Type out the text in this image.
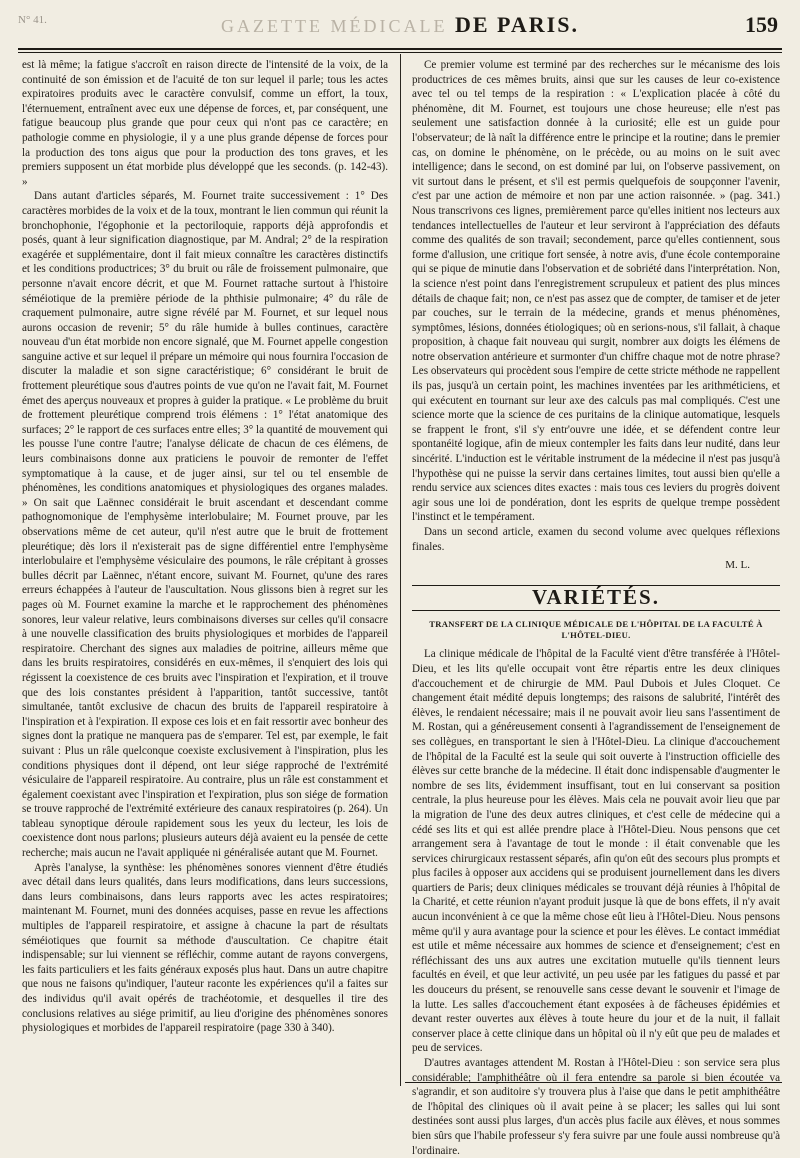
N° 41.	GAZETTE MÉDICALE DE PARIS.	159

est là même; la fatigue s'accroît en raison directe de l'intensité de la voix, de la continuité de son émission et de l'acuité de ton sur lequel il parle; tous les actes expiratoires produits avec le caractère convulsif, comme un effort, la toux, l'éternuement, entraînent avec eux une dépense de forces, et, par conséquent, une fatigue beaucoup plus grande que pour ceux qui n'ont pas ce caractère; en pathologie comme en physiologie, il y a une plus grande dépense de forces pour la production des tons aigus que pour la production des tons graves, et les premiers supposent un état morbide plus développé que les seconds. (p. 142-43). »

Dans autant d'articles séparés, M. Fournet traite successivement : 1° Des caractères morbides de la voix et de la toux, montrant le lien commun qui réunit la bronchophonie, l'égophonie et la pectoriloquie, rapports déjà approfondis et posés, quant à leur signification diagnostique, par M. Andral; 2° de la respiration exagérée et supplémentaire, dont il fait mieux connaître les caractères distinctifs et les conditions productrices; 3° du bruit ou râle de froissement pulmonaire, que personne n'avait encore décrit, et que M. Fournet rattache surtout à l'histoire séméiotique de la première période de la phthisie pulmonaire; 4° du râle de craquement pulmonaire, autre signe révélé par M. Fournet, et sur lequel nous aurons occasion de revenir; 5° du râle humide à bulles continues, caractère nouveau d'un état morbide non encore signalé, que M. Fournet appelle congestion sanguine active et sur lequel il prépare un mémoire qui nous fournira l'occasion de discuter la maladie et son signe caractéristique; 6° considérant le bruit de frottement pleurétique sous d'autres points de vue qu'on ne l'avait fait, M. Fournet émet des aperçus nouveaux et propres à guider la pratique. « Le problème du bruit de frottement pleurétique comprend trois élémens : 1° l'état anatomique des surfaces; 2° le rapport de ces surfaces entre elles; 3° la quantité de mouvement qui les pousse l'une contre l'autre; l'analyse délicate de chacun de ces élémens, de leurs combinaisons donne aux praticiens le pouvoir de remonter de l'effet symptomatique à la cause, et de juger ainsi, sur tel ou tel ensemble de phénomènes, les conditions anatomiques et physiologiques des organes malades. » On sait que Laënnec considérait le bruit ascendant et descendant comme pathognomonique de l'emphysème interlobulaire; M. Fournet prouve, par les observations même de cet auteur, qu'il n'est autre que le bruit de frottement pleurétique; dès lors il n'existerait pas de signe différentiel entre l'emphysème interlobulaire et l'emphysème vésiculaire des poumons, le râle crépitant à grosses bulles décrit par Laënnec, n'étant encore, suivant M. Fournet, qu'une des rares erreurs échappées à l'auteur de l'auscultation. Nous glissons bien à regret sur les pages où M. Fournet examine la marche et le rapprochement des phénomènes sonores, leur valeur relative, leurs combinaisons diverses sur celles qu'il consacre à une nouvelle classification des bruits physiologiques et morbides de l'appareil respiratoire. Cherchant des signes aux maladies de poitrine, ailleurs même que dans les bruits respiratoires, considérés en eux-mêmes, il s'enquiert des lois qui régissent la coexistence de ces bruits avec l'inspiration et l'expiration, et il trouve que des lois constantes président à l'apparition, tantôt successive, tantôt simultanée, tantôt exclusive de chacun des bruits de l'appareil respiratoire à l'inspiration et à l'expiration. Il expose ces lois et en fait ressortir avec bonheur des signes dont la pratique ne manquera pas de s'emparer. Tel est, par exemple, le fait suivant : Plus un râle quelconque coexiste exclusivement à l'inspiration, plus les conditions physiques dont il dépend, ont leur siége rapproché de l'extrémité vésiculaire de l'appareil respiratoire. Au contraire, plus un râle est constamment et également coexistant avec l'inspiration et l'expiration, plus son siége de formation se trouve rapproché de l'extrémité extérieure des canaux respiratoires (p. 264). Un tableau synoptique déroule rapidement sous les yeux du lecteur, les lois de coexistence dont nous parlons; plusieurs auteurs déjà avaient eu la pensée de cette recherche; mais aucun ne l'avait appliquée ni généralisée autant que M. Fournet.

Après l'analyse, la synthèse: les phénomènes sonores viennent d'être étudiés avec détail dans leurs qualités, dans leurs modifications, dans leurs successions, dans leurs combinaisons, dans leurs rapports avec les actes respiratoires; maintenant M. Fournet, muni des données acquises, passe en revue les affections multiples de l'appareil respiratoire, et assigne à chacune la part de résultats séméiotiques que fournit sa méthode d'auscultation. Ce chapitre était indispensable; sur lui viennent se réfléchir, comme autant de rayons convergens, les faits particuliers et les faits généraux exposés plus haut. Dans un autre chapitre que nous ne faisons qu'indiquer, l'auteur raconte les expériences qu'il a faites sur des individus qu'il avait opérés de trachéotomie, et desquelles il tire des conclusions relatives au siége primitif, au lieu d'origine des phénomènes sonores physiologiques et morbides de l'appareil respiratoire (page 330 à 340).

Ce premier volume est terminé par des recherches sur le mécanisme des lois productrices de ces mêmes bruits, ainsi que sur les causes de leur co-existence avec tel ou tel temps de la respiration : « L'explication placée à côté du phénomène, dit M. Fournet, est toujours une chose heureuse; elle n'est pas seulement une satisfaction donnée à la curiosité; elle est un guide pour l'observateur; de là naît la différence entre le principe et la routine; dans le premier cas, on domine le phénomène, on le précède, ou au moins on le suit avec intelligence; dans le second, on est dominé par lui, on l'observe passivement, on vit surtout dans le présent, et s'il est permis quelquefois de soupçonner l'avenir, c'est par une action de mémoire et non par une action raisonnée. » (pag. 341.) Nous transcrivons ces lignes, premièrement parce qu'elles initient nos lecteurs aux tendances intellectuelles de l'auteur et leur serviront à l'appréciation des défauts comme des qualités de son travail; secondement, parce qu'elles contiennent, sous forme d'allusion, une critique fort sensée, à notre avis, d'une école contemporaine qui se pique de minutie dans l'observation et de sobriété dans l'interprétation. Non, la science n'est point dans l'enregistrement scrupuleux et patient des plus minces détails de chaque fait; non, ce n'est pas assez que de compter, de tamiser et de jeter par couches, sur le terrain de la médecine, grands et menus phénomènes, symptômes, lésions, données étiologiques; où en serions-nous, s'il fallait, à chaque proposition, à chaque fait nouveau qui surgit, nombrer aux doigts les élémens de notre observation antérieure et surmonter d'un chiffre chaque mot de notre phrase? Les observateurs qui procèdent sous l'empire de cette stricte méthode ne rappellent ils pas, jusqu'à un certain point, les machines inventées par les arithméticiens, et qui exécutent en tournant sur leur axe des calculs pas mal compliqués. C'est une science morte que la science de ces puritains de la clinique automatique, lesquels se frappent le front, s'il s'y entr'ouvre une idée, et se défendent contre leur spontanéité logique, afin de mieux contempler les faits dans leur nudité, dans leur sincérité. L'induction est le véritable instrument de la médecine il n'est pas jusqu'à l'hypothèse qui ne puisse la servir dans certaines limites, tout aussi bien qu'elle a rendu service aux sciences dites exactes : mais tous ces leviers du progrès doivent agir sous une loi de pondération, dont les esprits de quelque trempe possèdent l'instinct et le tempérament.

Dans un second article, examen du second volume avec quelques réflexions finales.

M. L.
VARIÉTÉS.
TRANSFERT DE LA CLINIQUE MÉDICALE DE L'HÔPITAL DE LA FACULTÉ À L'HÔTEL-DIEU.

La clinique médicale de l'hôpital de la Faculté vient d'être transférée à l'Hôtel-Dieu, et les lits qu'elle occupait vont être répartis entre les deux cliniques d'accouchement et de chirurgie de MM. Paul Dubois et Jules Cloquet. Ce changement était médité depuis longtemps; des raisons de salubrité, l'intérêt des élèves, le rendaient nécessaire; mais il ne pouvait avoir lieu sans l'assentiment de M. Rostan, qui a généreusement consenti à l'agrandissement de l'enseignement de ses collègues, en transportant le sien à l'Hôtel-Dieu. La clinique d'accouchement de l'hôpital de la Faculté est la seule qui soit ouverte à l'instruction officielle des élèves sur cette branche de la médecine. Il était donc indispensable d'augmenter le nombre de ses lits, évidemment insuffisant, tout en lui conservant sa position centrale, la plus heureuse pour les élèves. Mais cela ne pouvait avoir lieu que par la migration de l'une des deux autres cliniques, et c'est celle de médecine qui a cédé ses lits et qui est allée prendre place à l'Hôtel-Dieu. Nous pensons que cet arrangement sera à l'avantage de tout le monde : il était convenable que les services chirurgicaux restassent séparés, afin qu'on eût des secours plus prompts et plus faciles à opposer aux accidens qui se produisent journellement dans les divers quartiers de Paris; deux cliniques médicales se trouvant déjà réunies à l'hôpital de la Charité, et cette réunion n'ayant produit jusque là que de bons effets, il n'y avait aucun inconvénient à ce que la même chose eût lieu à l'Hôtel-Dieu. Nous pensons même qu'il y aura avantage pour la science et pour les élèves. Le contact immédiat est utile et même nécessaire aux hommes de science et d'enseignement; c'est en réfléchissant des uns aux autres une excitation mutuelle qu'ils tiennent leurs facultés en éveil, et que leur activité, un peu usée par les fatigues du passé et par les douceurs du présent, se renouvelle sans cesse devant le souvenir et l'image de la lutte. Les salles d'accouchement étant exposées à de fâcheuses épidémies et devant rester ouvertes aux élèves à toute heure du jour et de la nuit, il fallait conserver place à cette clinique dans un hôpital où il n'y eût que peu de malades et peu de services.

D'autres avantages attendent M. Rostan à l'Hôtel-Dieu : son service sera plus considérable; l'amphithéâtre où il fera entendre sa parole si bien écoutée va s'agrandir, et son auditoire s'y trouvera plus à l'aise que dans le petit amphithéâtre de l'hôpital des cliniques où il avait peine à se placer; les salles qui lui sont destinées sont aussi plus larges, d'un accès plus facile aux élèves, et nous sommes bien sûrs que l'habile professeur s'y fera suivre par une foule aussi nombreuse qu'à l'ordinaire.
